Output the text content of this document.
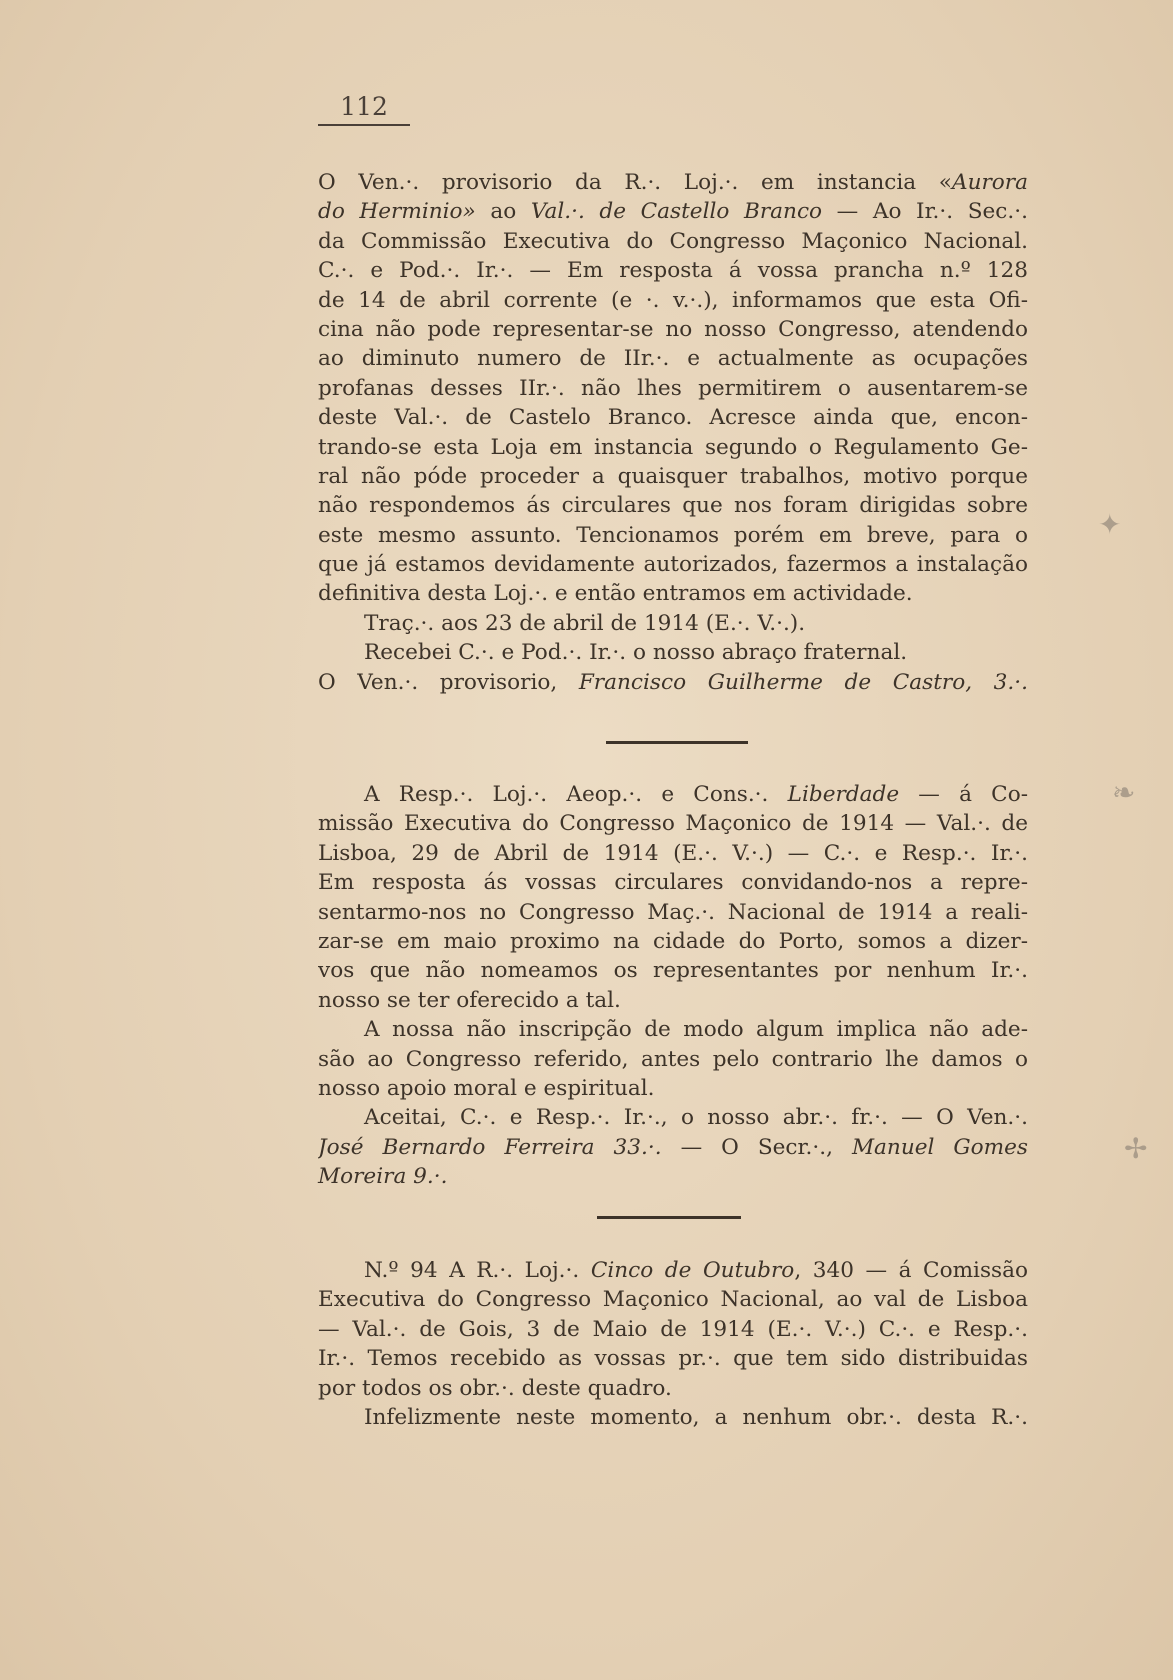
112
O Ven.·. provisorio da R.·. Loj.·. em instancia «Aurora
do Herminio» ao Val.·. de Castello Branco — Ao Ir.·. Sec.·.
da Commissão Executiva do Congresso Maçonico Nacional.
C.·. e Pod.·. Ir.·. — Em resposta á vossa prancha n.º 128
de 14 de abril corrente (e ·. v.·.), informamos que esta Ofi-
cina não pode representar-se no nosso Congresso, atendendo
ao diminuto numero de IIr.·. e actualmente as ocupações
profanas desses IIr.·. não lhes permitirem o ausentarem-se
deste Val.·. de Castelo Branco. Acresce ainda que, encon-
trando-se esta Loja em instancia segundo o Regulamento Ge-
ral não póde proceder a quaisquer trabalhos, motivo porque
não respondemos ás circulares que nos foram dirigidas sobre
este mesmo assunto. Tencionamos porém em breve, para o
que já estamos devidamente autorizados, fazermos a instalação
definitiva desta Loj.·. e então entramos em actividade.
Traç.·. aos 23 de abril de 1914 (E.·. V.·.).
Recebei C.·. e Pod.·. Ir.·. o nosso abraço fraternal.
O Ven.·. provisorio, Francisco Guilherme de Castro, 3.·.
A Resp.·. Loj.·. Aeop.·. e Cons.·. Liberdade — á Co-
missão Executiva do Congresso Maçonico de 1914 — Val.·. de
Lisboa, 29 de Abril de 1914 (E.·. V.·.) — C.·. e Resp.·. Ir.·.
Em resposta ás vossas circulares convidando-nos a repre-
sentarmo-nos no Congresso Maç.·. Nacional de 1914 a reali-
zar-se em maio proximo na cidade do Porto, somos a dizer-
vos que não nomeamos os representantes por nenhum Ir.·.
nosso se ter oferecido a tal.
A nossa não inscripção de modo algum implica não ade-
são ao Congresso referido, antes pelo contrario lhe damos o
nosso apoio moral e espiritual.
Aceitai, C.·. e Resp.·. Ir.·., o nosso abr.·. fr.·. — O Ven.·.
José Bernardo Ferreira 33.·. — O Secr.·., Manuel Gomes
Moreira 9.·.
N.º 94 A R.·. Loj.·. Cinco de Outubro, 340 — á Comissão
Executiva do Congresso Maçonico Nacional, ao val de Lisboa
— Val.·. de Gois, 3 de Maio de 1914 (E.·. V.·.) C.·. e Resp.·.
Ir.·. Temos recebido as vossas pr.·. que tem sido distribuidas
por todos os obr.·. deste quadro.
Infelizmente neste momento, a nenhum obr.·. desta R.·.
✦
❧
✢
